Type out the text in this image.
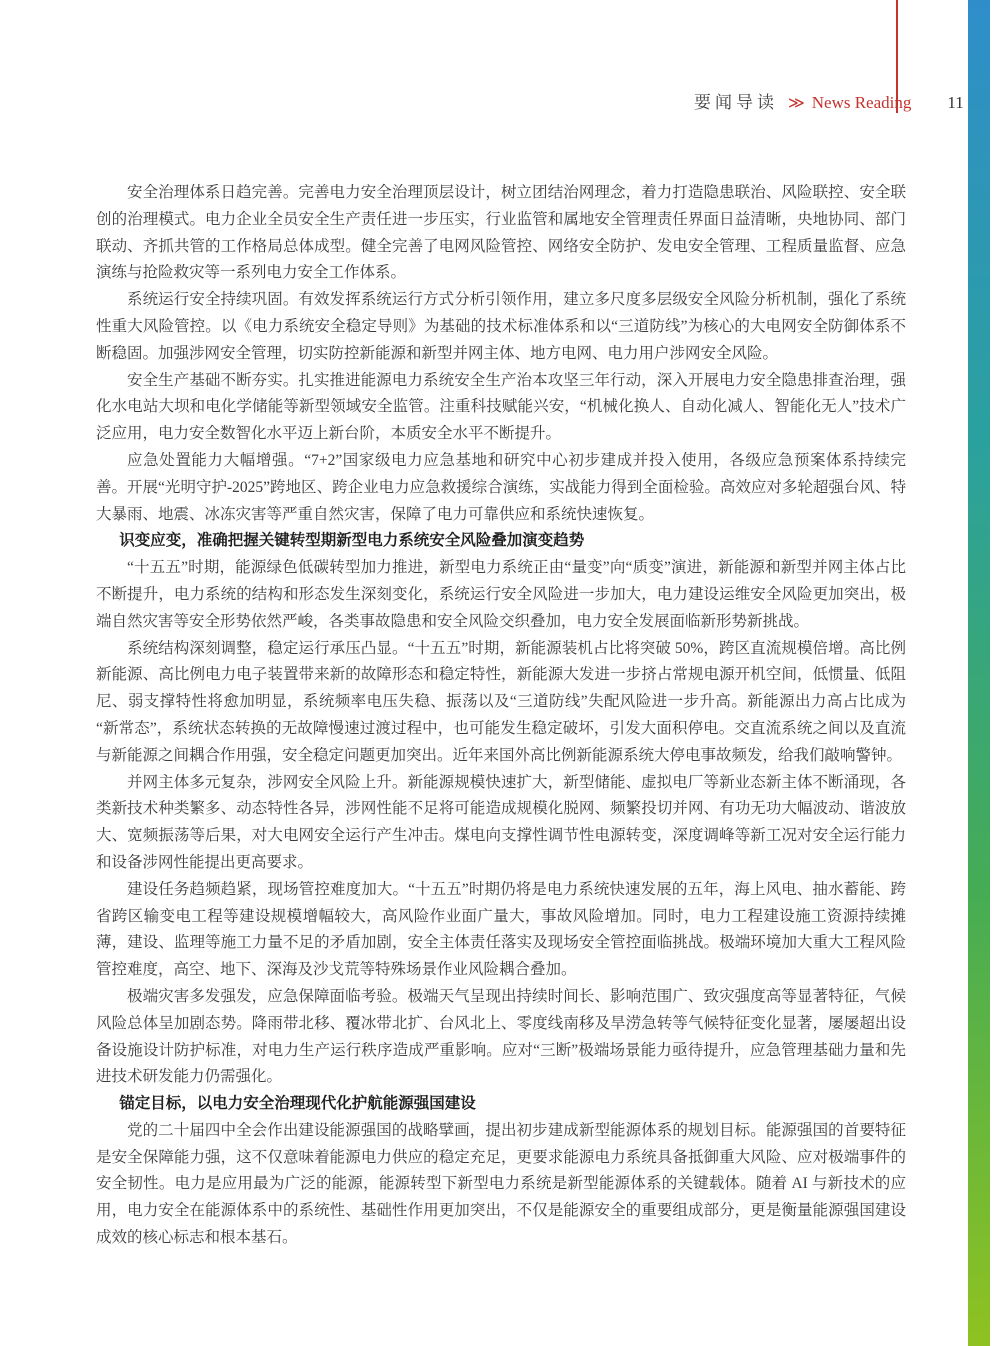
要闻导读 ≫ News Reading 11

安全治理体系日趋完善。完善电力安全治理顶层设计，树立团结治网理念，着力打造隐患联治、风险联控、安全联创的治理模式。电力企业全员安全生产责任进一步压实，行业监管和属地安全管理责任界面日益清晰，央地协同、部门联动、齐抓共管的工作格局总体成型。健全完善了电网风险管控、网络安全防护、发电安全管理、工程质量监督、应急演练与抢险救灾等一系列电力安全工作体系。

系统运行安全持续巩固。有效发挥系统运行方式分析引领作用，建立多尺度多层级安全风险分析机制，强化了系统性重大风险管控。以《电力系统安全稳定导则》为基础的技术标准体系和以“三道防线”为核心的大电网安全防御体系不断稳固。加强涉网安全管理，切实防控新能源和新型并网主体、地方电网、电力用户涉网安全风险。

安全生产基础不断夯实。扎实推进能源电力系统安全生产治本攻坚三年行动，深入开展电力安全隐患排查治理，强化水电站大坝和电化学储能等新型领域安全监管。注重科技赋能兴安，“机械化换人、自动化减人、智能化无人”技术广泛应用，电力安全数智化水平迈上新台阶，本质安全水平不断提升。

应急处置能力大幅增强。“7+2”国家级电力应急基地和研究中心初步建成并投入使用，各级应急预案体系持续完善。开展“光明守护-2025”跨地区、跨企业电力应急救援综合演练，实战能力得到全面检验。高效应对多轮超强台风、特大暴雨、地震、冰冻灾害等严重自然灾害，保障了电力可靠供应和系统快速恢复。

识变应变，准确把握关键转型期新型电力系统安全风险叠加演变趋势

“十五五”时期，能源绿色低碳转型加力推进，新型电力系统正由“量变”向“质变”演进，新能源和新型并网主体占比不断提升，电力系统的结构和形态发生深刻变化，系统运行安全风险进一步加大，电力建设运维安全风险更加突出，极端自然灾害等安全形势依然严峻，各类事故隐患和安全风险交织叠加，电力安全发展面临新形势新挑战。

系统结构深刻调整，稳定运行承压凸显。“十五五”时期，新能源装机占比将突破 50%，跨区直流规模倍增。高比例新能源、高比例电力电子装置带来新的故障形态和稳定特性，新能源大发进一步挤占常规电源开机空间，低惯量、低阻尼、弱支撑特性将愈加明显，系统频率电压失稳、振荡以及“三道防线”失配风险进一步升高。新能源出力高占比成为“新常态”，系统状态转换的无故障慢速过渡过程中，也可能发生稳定破坏，引发大面积停电。交直流系统之间以及直流与新能源之间耦合作用强，安全稳定问题更加突出。近年来国外高比例新能源系统大停电事故频发，给我们敲响警钟。

并网主体多元复杂，涉网安全风险上升。新能源规模快速扩大，新型储能、虚拟电厂等新业态新主体不断涌现，各类新技术种类繁多、动态特性各异，涉网性能不足将可能造成规模化脱网、频繁投切并网、有功无功大幅波动、谐波放大、宽频振荡等后果，对大电网安全运行产生冲击。煤电向支撑性调节性电源转变，深度调峰等新工况对安全运行能力和设备涉网性能提出更高要求。

建设任务趋频趋紧，现场管控难度加大。“十五五”时期仍将是电力系统快速发展的五年，海上风电、抽水蓄能、跨省跨区输变电工程等建设规模增幅较大，高风险作业面广量大，事故风险增加。同时，电力工程建设施工资源持续摊薄，建设、监理等施工力量不足的矛盾加剧，安全主体责任落实及现场安全管控面临挑战。极端环境加大重大工程风险管控难度，高空、地下、深海及沙戈荒等特殊场景作业风险耦合叠加。

极端灾害多发强发，应急保障面临考验。极端天气呈现出持续时间长、影响范围广、致灾强度高等显著特征，气候风险总体呈加剧态势。降雨带北移、覆冰带北扩、台风北上、零度线南移及旱涝急转等气候特征变化显著，屡屡超出设备设施设计防护标准，对电力生产运行秩序造成严重影响。应对“三断”极端场景能力亟待提升，应急管理基础力量和先进技术研发能力仍需强化。

锚定目标，以电力安全治理现代化护航能源强国建设

党的二十届四中全会作出建设能源强国的战略擘画，提出初步建成新型能源体系的规划目标。能源强国的首要特征是安全保障能力强，这不仅意味着能源电力供应的稳定充足，更要求能源电力系统具备抵御重大风险、应对极端事件的安全韧性。电力是应用最为广泛的能源，能源转型下新型电力系统是新型能源体系的关键载体。随着 AI 与新技术的应用，电力安全在能源体系中的系统性、基础性作用更加突出，不仅是能源安全的重要组成部分，更是衡量能源强国建设成效的核心标志和根本基石。
